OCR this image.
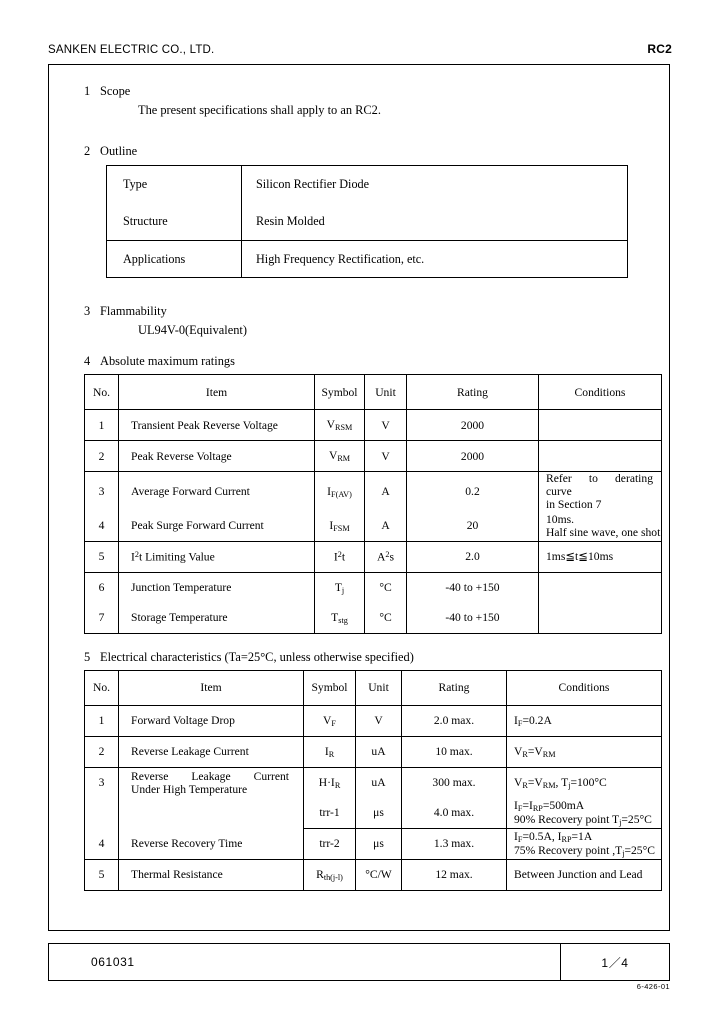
SANKEN ELECTRIC CO., LTD.	RC2

1 Scope

The present specifications shall apply to an RC2.

2 Outline

Type	Silicon Rectifier Diode
Structure	Resin Molded
Applications	High Frequency Rectification, etc.

3 Flammability

UL94V-0(Equivalent)

4 Absolute maximum ratings

No.	Item	Symbol	Unit	Rating	Conditions
1	Transient Peak Reverse Voltage	$V_{RSM}$	V	2000	
2	Peak Reverse Voltage	$V_{RM}$	V	2000	
3	Average Forward Current	$I_{F(AV)}$	A	0.2	Refer to derating curve
in Section 7

4	Peak Surge Forward Current	$I_{FSM}$	A	20	10ms.
Half sine wave, one shot

5	$I^2t$ Limiting Value	$I^2t$	$A^2s$	2.0	1ms≦t≦10ms
6	Junction Temperature	$T_j$	°C	-40 to +150	
7	Storage Temperature	$T_{stg}$	°C	-40 to +150	

5 Electrical characteristics (Ta=25°C, unless otherwise specified)

No.	Item	Symbol	Unit	Rating	Conditions
1	Forward Voltage Drop	$V_F$	V	2.0 max.	$I_F=0.2A$
2	Reverse Leakage Current	$I_R$	uA	10 max.	$V_R=V_{RM}$
3	Reverse Leakage Current
Under High Temperature	$H\cdot I_R$	uA	300 max.	$V_R=V_{RM}$, $T_j=100^\circ C$
		trr-1	μs	4.0 max.	$I_F=I_{RP}=500mA$
90% Recovery point $T_j=25^\circ C$

4	Reverse Recovery Time	trr-2	μs	1.3 max.	$I_F=0.5A$, $I_{RP}=1A$
75% Recovery point $,T_j=25^\circ C$

5	Thermal Resistance	$R_{th(j-l)}$	°C/W	12 max.	Between Junction and Lead
061031	1／4
6-426-01
